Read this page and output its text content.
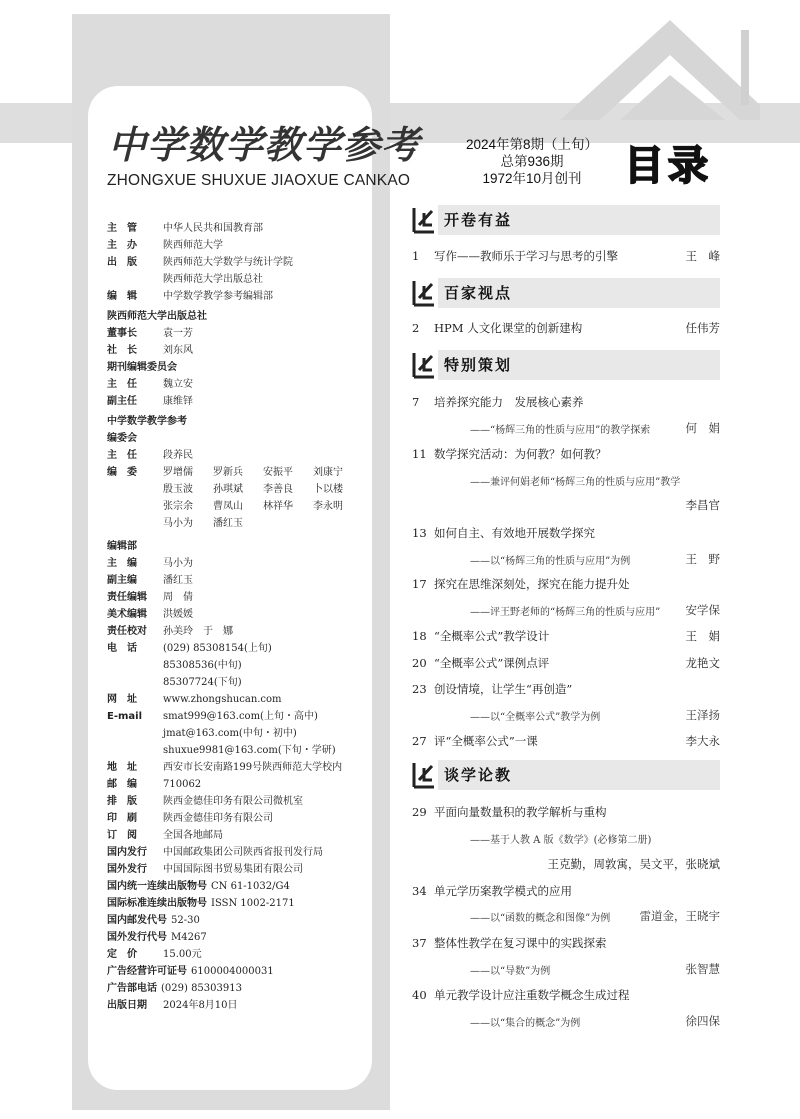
中学数学教学参考
ZHONGXUE SHUXUE JIAOXUE CANKAO
2024年第8期（上旬）
总第936期
1972年10月创刊	目录
主　管	中华人民共和国教育部
主　办	陕西师范大学
出　版	陕西师范大学数学与统计学院
陕西师范大学出版总社
编　辑	中学数学教学参考编辑部
陕西师范大学出版总社
董事长	袁一芳
社　长	刘东风
期刊编辑委员会
主　任	魏立安
副主任	康维铎
中学数学教学参考
编委会
主　任	段养民
编　委	罗增儒	罗新兵	安振平	刘康宁
殷玉波	孙琪斌	李善良	卜以楼
张宗余	曹凤山	林祥华	李永明
马小为	潘红玉
编辑部
主　编	马小为
副主编	潘红玉
责任编辑	周　倩
美术编辑	洪媛媛
责任校对	孙美玲　于　娜
电　话	(029) 85308154(上旬)
85308536(中旬)
85307724(下旬)
网　址	www.zhongshucan.com
E-mail	smat999@163.com(上旬・高中)
jmat@163.com(中旬・初中)
shuxue9981@163.com(下旬・学研)
地　址	西安市长安南路199号陕西师范大学校内
邮　编	710062
排　版	陕西金德佳印务有限公司微机室
印　刷	陕西金德佳印务有限公司
订　阅	全国各地邮局
国内发行	中国邮政集团公司陕西省报刊发行局
国外发行	中国国际图书贸易集团有限公司
国内统一连续出版物号 CN 61-1032/G4
国际标准连续出版物号 ISSN 1002-2171
国内邮发代号 52-30
国外发行代号 M4267
定　价	15.00元
广告经营许可证号 6100004000031
广告部电话 (029) 85303913
出版日期	2024年8月10日
开卷有益
百家视点
特别策划
谈学论教
1 写作——教师乐于学习与思考的引擎	王　峰
2 HPM 人文化课堂的创新建构	任伟芳
7 培养探究能力　发展核心素养
——“杨辉三角的性质与应用”的教学探索	何　娟
11 数学探究活动：为何教？如何教？
——兼评何娟老师“杨辉三角的性质与应用”教学
李昌官
13 如何自主、有效地开展数学探究
——以“杨辉三角的性质与应用”为例	王　野
17 探究在思维深刻处，探究在能力提升处
——评王野老师的“杨辉三角的性质与应用” 安学保
18 “全概率公式”教学设计	王　娟
20 “全概率公式”课例点评	龙艳文
23 创设情境，让学生“再创造”
——以“全概率公式”教学为例	王泽扬
27 评“全概率公式”一课	李大永
29 平面向量数量积的教学解析与重构
——基于人教 A 版《数学》(必修第二册)
王克勤，周敦寓，吴文平，张晓斌
34 单元学历案教学模式的应用
——以“函数的概念和图像”为例	雷道金，王晓宇
37 整体性教学在复习课中的实践探索
——以“导数”为例	张智慧
40 单元教学设计应注重数学概念生成过程
——以“集合的概念”为例	徐四保
